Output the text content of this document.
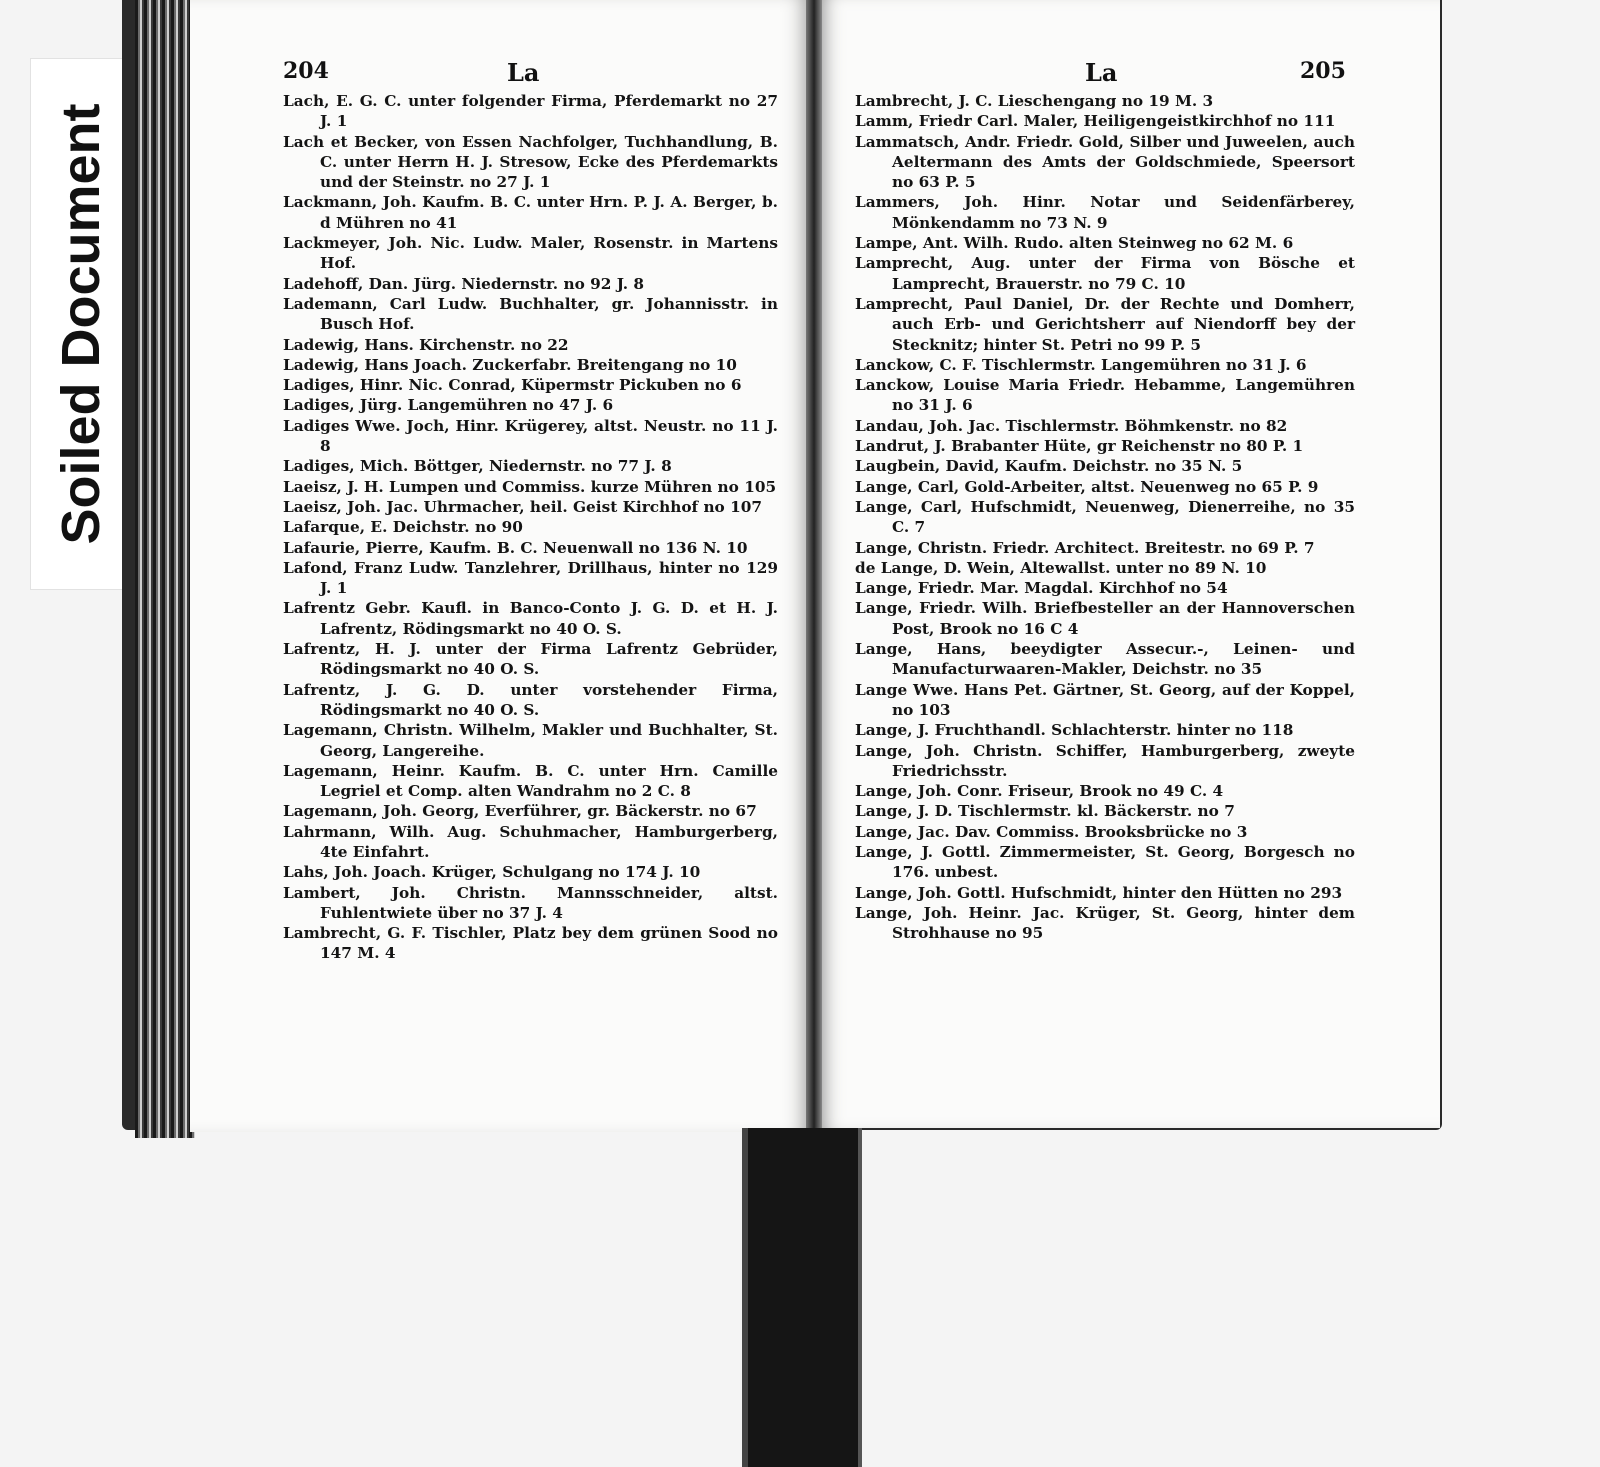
Soiled Document
204	La	La	205

Lach, E. G. C. unter folgender Firma, Pferdemarkt no 27 J. 1

Lach et Becker, von Essen Nachfolger, Tuchhandlung, B. C. unter Herrn H. J. Stresow, Ecke des Pferdemarkts und der Steinstr. no 27 J. 1

Lackmann, Joh. Kaufm. B. C. unter Hrn. P. J. A. Berger, b. d Mühren no 41

Lackmeyer, Joh. Nic. Ludw. Maler, Rosenstr. in Martens Hof.

Ladehoff, Dan. Jürg. Niedernstr. no 92 J. 8

Lademann, Carl Ludw. Buchhalter, gr. Johannisstr. in Busch Hof.

Ladewig, Hans. Kirchenstr. no 22

Ladewig, Hans Joach. Zuckerfabr. Breitengang no 10

Ladiges, Hinr. Nic. Conrad, Küpermstr Pickuben no 6

Ladiges, Jürg. Langemühren no 47 J. 6

Ladiges Wwe. Joch, Hinr. Krügerey, altst. Neustr. no 11 J. 8

Ladiges, Mich. Böttger, Niedernstr. no 77 J. 8

Laeisz, J. H. Lumpen und Commiss. kurze Mühren no 105

Laeisz, Joh. Jac. Uhrmacher, heil. Geist Kirchhof no 107

Lafarque, E. Deichstr. no 90

Lafaurie, Pierre, Kaufm. B. C. Neuenwall no 136 N. 10

Lafond, Franz Ludw. Tanzlehrer, Drillhaus, hinter no 129 J. 1

Lafrentz Gebr. Kaufl. in Banco-Conto J. G. D. et H. J. Lafrentz, Rödingsmarkt no 40 O. S.

Lafrentz, H. J. unter der Firma Lafrentz Gebrüder, Rödingsmarkt no 40 O. S.

Lafrentz, J. G. D. unter vorstehender Firma, Rödingsmarkt no 40 O. S.

Lagemann, Christn. Wilhelm, Makler und Buchhalter, St. Georg, Langereihe.

Lagemann, Heinr. Kaufm. B. C. unter Hrn. Camille Legriel et Comp. alten Wandrahm no 2 C. 8

Lagemann, Joh. Georg, Everführer, gr. Bäckerstr. no 67

Lahrmann, Wilh. Aug. Schuhmacher, Hamburgerberg, 4te Einfahrt.

Lahs, Joh. Joach. Krüger, Schulgang no 174 J. 10

Lambert, Joh. Christn. Mannsschneider, altst. Fuhlentwiete über no 37 J. 4

Lambrecht, G. F. Tischler, Platz bey dem grünen Sood no 147 M. 4

Lambrecht, J. C. Lieschengang no 19 M. 3

Lamm, Friedr Carl. Maler, Heiligengeistkirchhof no 111

Lammatsch, Andr. Friedr. Gold, Silber und Juweelen, auch Aeltermann des Amts der Goldschmiede, Speersort no 63 P. 5

Lammers, Joh. Hinr. Notar und Seidenfärberey, Mönkendamm no 73 N. 9

Lampe, Ant. Wilh. Rudo. alten Steinweg no 62 M. 6

Lamprecht, Aug. unter der Firma von Bösche et Lamprecht, Brauerstr. no 79 C. 10

Lamprecht, Paul Daniel, Dr. der Rechte und Domherr, auch Erb- und Gerichtsherr auf Niendorff bey der Stecknitz; hinter St. Petri no 99 P. 5

Lanckow, C. F. Tischlermstr. Langemühren no 31 J. 6

Lanckow, Louise Maria Friedr. Hebamme, Langemühren no 31 J. 6

Landau, Joh. Jac. Tischlermstr. Böhmkenstr. no 82

Landrut, J. Brabanter Hüte, gr Reichenstr no 80 P. 1

Laugbein, David, Kaufm. Deichstr. no 35 N. 5

Lange, Carl, Gold-Arbeiter, altst. Neuenweg no 65 P. 9

Lange, Carl, Hufschmidt, Neuenweg, Dienerreihe, no 35 C. 7

Lange, Christn. Friedr. Architect. Breitestr. no 69 P. 7

de Lange, D. Wein, Altewallst. unter no 89 N. 10

Lange, Friedr. Mar. Magdal. Kirchhof no 54

Lange, Friedr. Wilh. Briefbesteller an der Hannoverschen Post, Brook no 16 C 4

Lange, Hans, beeydigter Assecur.-, Leinen- und Manufacturwaaren-Makler, Deichstr. no 35

Lange Wwe. Hans Pet. Gärtner, St. Georg, auf der Koppel, no 103

Lange, J. Fruchthandl. Schlachterstr. hinter no 118

Lange, Joh. Christn. Schiffer, Hamburgerberg, zweyte Friedrichsstr.

Lange, Joh. Conr. Friseur, Brook no 49 C. 4

Lange, J. D. Tischlermstr. kl. Bäckerstr. no 7

Lange, Jac. Dav. Commiss. Brooksbrücke no 3

Lange, J. Gottl. Zimmermeister, St. Georg, Borgesch no 176. unbest.

Lange, Joh. Gottl. Hufschmidt, hinter den Hütten no 293

Lange, Joh. Heinr. Jac. Krüger, St. Georg, hinter dem Strohhause no 95
